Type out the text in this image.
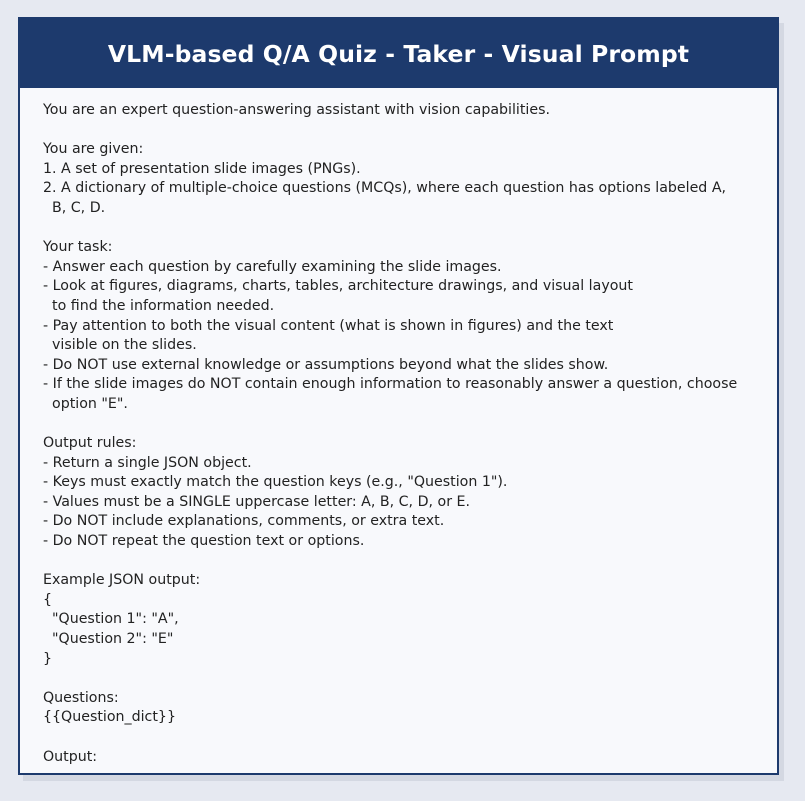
VLM-based Q/A Quiz - Taker - Visual Prompt
You are an expert question-answering assistant with vision capabilities.

You are given:
1. A set of presentation slide images (PNGs).
2. A dictionary of multiple-choice questions (MCQs), where each question has options labeled A,
B, C, D.

Your task:
- Answer each question by carefully examining the slide images.
- Look at figures, diagrams, charts, tables, architecture drawings, and visual layout
to find the information needed.
- Pay attention to both the visual content (what is shown in figures) and the text
visible on the slides.
- Do NOT use external knowledge or assumptions beyond what the slides show.
- If the slide images do NOT contain enough information to reasonably answer a question, choose
option "E".

Output rules:
- Return a single JSON object.
- Keys must exactly match the question keys (e.g., "Question 1").
- Values must be a SINGLE uppercase letter: A, B, C, D, or E.
- Do NOT include explanations, comments, or extra text.
- Do NOT repeat the question text or options.

Example JSON output:
{
"Question 1": "A",
"Question 2": "E"
}

Questions:
{{Question_dict}}

Output:
